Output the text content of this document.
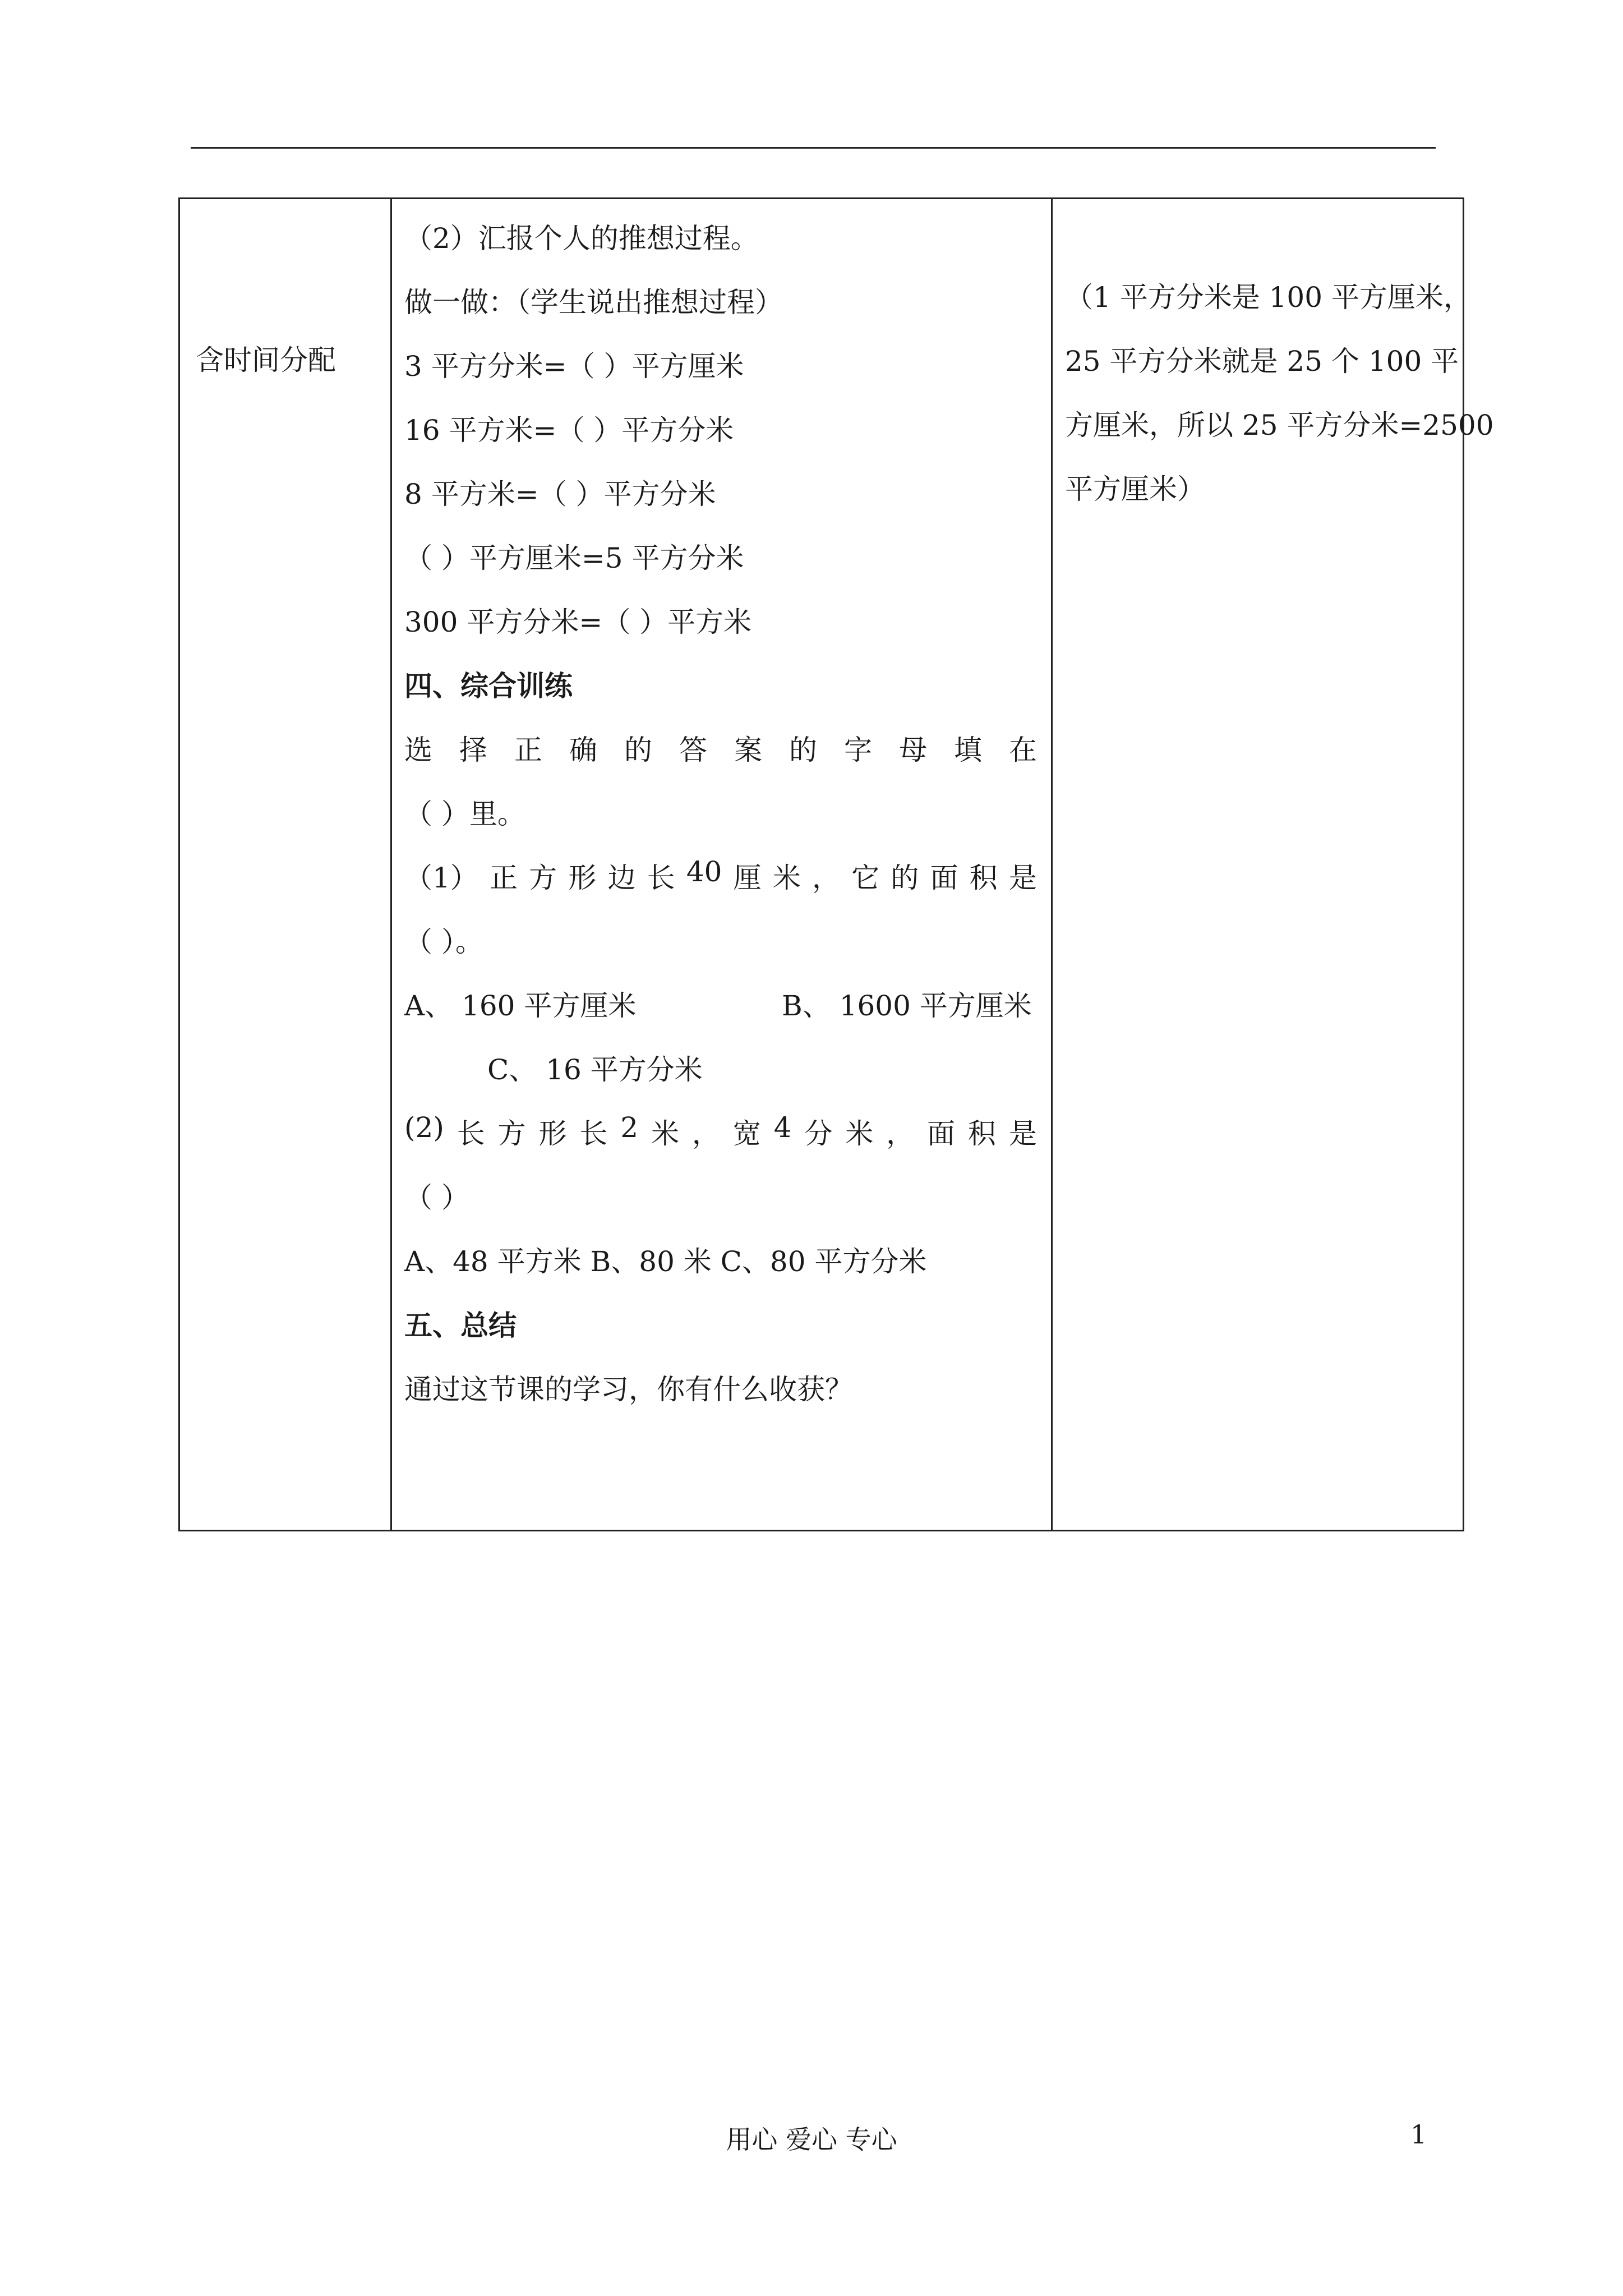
含时间分配
（2）汇报个人的推想过程。
做一做：（学生说出推想过程）
3 平方分米=（ ）平方厘米
16 平方米=（ ）平方分米
8 平方米=（ ）平方分米
（ ）平方厘米=5 平方分米
300 平方分米=（ ）平方米
四、综合训练
选 择 正 确 的 答 案 的 字 母 填 在
（ ）里。
（1） 正 方 形 边 长 40 厘 米 ， 它 的 面 积 是
（ ）。
A、 160 平方厘米	B、 1600 平方厘米
C、 16 平方分米
(2) 长 方 形 长 2 米 ， 宽 4 分 米 ， 面 积 是
（ ）
A、48 平方米 B、80 米 C、80 平方分米
五、总结
通过这节课的学习，你有什么收获？
（1 平方分米是 100 平方厘米，
25 平方分米就是 25 个 100 平
方厘米，所以 25 平方分米=2500
平方厘米）
用心 爱心 专心	1
